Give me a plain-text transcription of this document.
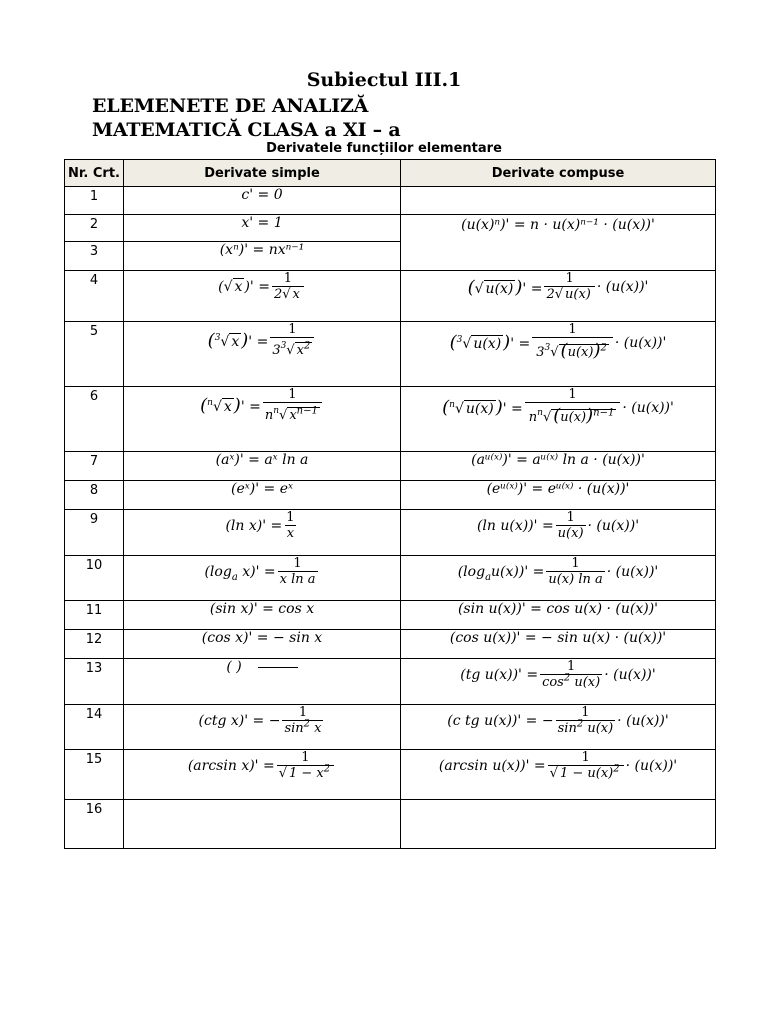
Subiectul III.1
ELEMENETE DE ANALIZĂ
MATEMATICĂ CLASA a XI – a
Derivatele funcțiilor elementare
Nr. Crt.	Derivate simple	Derivate compuse
1	c' = 0	

2	x' = 1	(u(x)ⁿ)' = n · u(x)ⁿ⁻¹ · (u(x))'

3	(xⁿ)' = nxⁿ⁻¹	

4	(√ x )' = $\frac{1}{2√ x}$	(√ u(x) )' = $\frac{1}{2√ u(x)} \cdot (u(x))'$

5	($^3$√ x )' = $\frac{1}{3^3√ x^2}$	($^3$√ u(x) )' = $\frac{1}{3^3√ (u(x))^2} \cdot (u(x))'$

6	($^n$√ x )' = $\frac{1}{n^n√ x^{n-1}}$	($^n$√ u(x) )' = $\frac{1}{n^n√ (u(x))^{n-1}} \cdot (u(x))'$

7	(aˣ)' = aˣ ln a	(aᵘ⁽ˣ⁾)' = aᵘ⁽ˣ⁾ ln a · (u(x))'

8	(eˣ)' = eˣ	(eᵘ⁽ˣ⁾)' = eᵘ⁽ˣ⁾ · (u(x))'

9	(ln $x)' = \frac{1}{x}$	(ln $u(x))' = \frac{1}{u(x)} \cdot (u(x))'$

10	($\log_a$ $x)' = \frac{1}{\text{x ln a}}$	$(\log_au(x))' = \frac{1}{\text{u(x) ln a}} \cdot (u(x))'$

11	(sin x)' = cos x	(sin u(x))' = cos u(x) · (u(x))'

12	(cos x)' = − sin x	(cos u(x))' = − sin u(x) · (u(x))'

13	( )	(tg $u(x))' = \frac{1}{\cos^2 u(x)} \cdot (u(x))'$

14	(ctg x)' = − $\frac{1}{\sin^2 x}$	(c tg u(x))' = − $\frac{1}{\sin^2 u(x)} \cdot (u(x))'$

15	(arcsin $x)' = \frac{1}{√ 1 - x^2}$	(arcsin $u(x))' = \frac{1}{√ 1 - u(x)^2} \cdot (u(x))'$

16		
